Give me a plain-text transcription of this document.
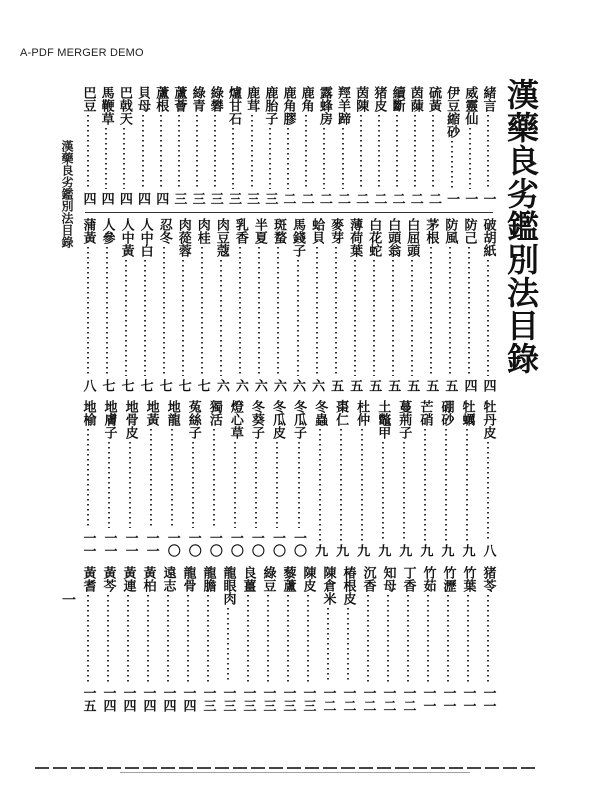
A-PDF MERGER DEMO
漢藥良劣鑑別法目錄
漢藥良劣鑑別法目錄
緒言
一
威靈仙
一
伊豆縮砂
一
硫黃
二
茵蔯
二
續斷
二
猪皮
二
茵陳
二
羥羊蹄
二
露蜂房
二
鹿角
二
鹿角膠
二
鹿胎子
三
鹿茸
三
爐甘石
三
綠礬
三
綠青
三
蘆薈
三
蘆根
四
貝母
四
巴戟天
四
馬鞭草
四
巴豆
四
破胡紙
四
防己
四
防風
五
茅根
五
白屈頭
五
白頭翁
五
白花蛇
五
薄荷葉
五
麥芽
五
蛤貝
六
馬錢子
六
斑蝥
六
半夏
六
乳香
六
肉豆蔻
六
肉桂
七
肉蓯蓉
七
忍冬
七
人中白
七
人中黃
七
人參
七
蒲黃
八
牡丹皮
八
牡蠣
九
硼砂
九
芒硝
九
蔓荊子
九
土鼈甲
九
杜仲
九
棗仁
九
冬蟲
九
冬瓜子
一〇
冬瓜皮
一〇
冬葵子
一〇
燈心草
一〇
獨活
一〇
菟絲子
一〇
地龍
一〇
地黃
一一
地骨皮
一一
地膚子
一一
地榆
一一
猪苓
一一
竹葉
一一
竹瀝
一一
竹茹
一一
丁香
一二
知母
一二
沉香
一二
椿根皮
一二
陳倉米
一二
陳皮
一三
藜蘆
一三
綠豆
一三
良薑
一三
龍眼肉
一三
龍膽
一三
龍骨
一四
遠志
一四
黃柏
一四
黃連
一四
黃芩
一四
黃耆
一五
一
